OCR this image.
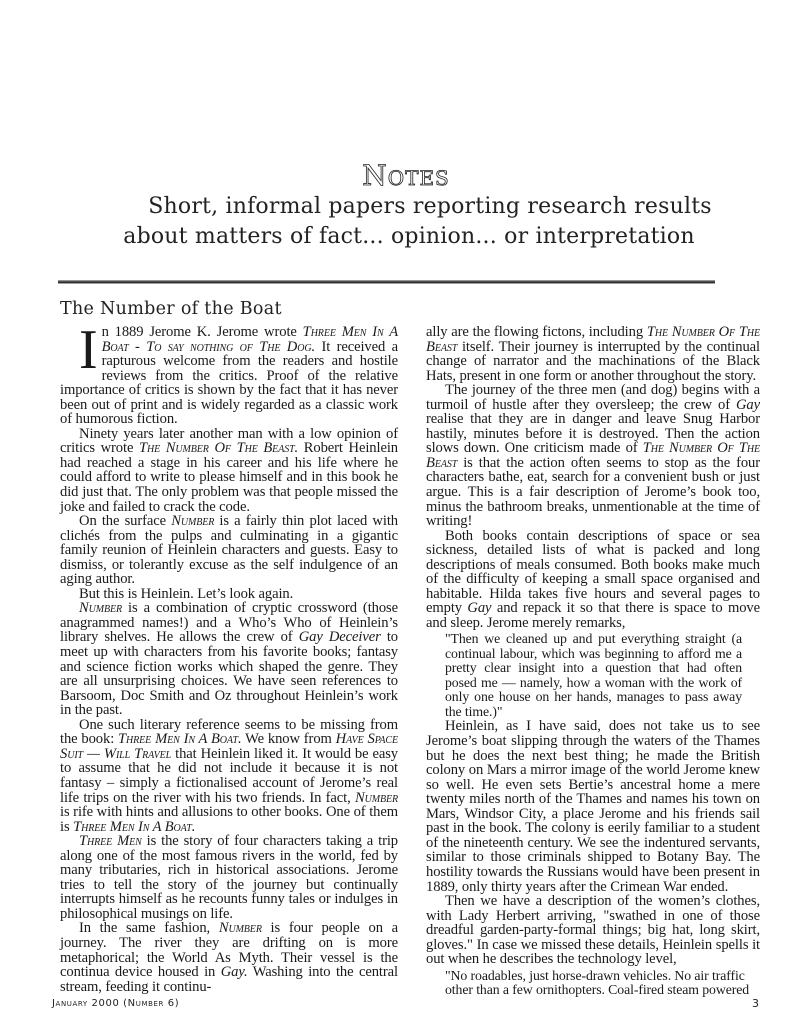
Notes
Short, informal papers reporting research results
about matters of fact... opinion... or interpretation
The Number of the Boat

In 1889 Jerome K. Jerome wrote Three Men In A Boat - To say nothing of The Dog. It received a rapturous welcome from the readers and hostile reviews from the critics. Proof of the relative importance of critics is shown by the fact that it has never been out of print and is widely regarded as a classic work of humorous fiction.

Ninety years later another man with a low opinion of critics wrote The Number Of The Beast. Robert Heinlein had reached a stage in his career and his life where he could afford to write to please himself and in this book he did just that. The only problem was that people missed the joke and failed to crack the code.

On the surface Number is a fairly thin plot laced with clichés from the pulps and culminating in a gigantic family reunion of Heinlein characters and guests. Easy to dismiss, or tolerantly excuse as the self indulgence of an aging author.

But this is Heinlein. Let’s look again.

Number is a combination of cryptic crossword (those anagrammed names!) and a Who’s Who of Heinlein’s library shelves. He allows the crew of Gay Deceiver to meet up with characters from his favorite books; fantasy and science fiction works which shaped the genre. They are all unsurprising choices. We have seen references to Barsoom, Doc Smith and Oz throughout Heinlein’s work in the past.

One such literary reference seems to be missing from the book: Three Men In A Boat. We know from Have Space Suit — Will Travel that Heinlein liked it. It would be easy to assume that he did not include it because it is not fantasy – simply a fictionalised account of Jerome’s real life trips on the river with his two friends. In fact, Number is rife with hints and allusions to other books. One of them is Three Men In A Boat.

Three Men is the story of four characters taking a trip along one of the most famous rivers in the world, fed by many tributaries, rich in historical associations. Jerome tries to tell the story of the journey but continually interrupts himself as he recounts funny tales or indulges in philosophical musings on life.

In the same fashion, Number is four people on a journey. The river they are drifting on is more metaphorical; the World As Myth. Their vessel is the continua device housed in Gay. Washing into the central stream, feeding it continu-

ally are the flowing fictons, including The Number Of The Beast itself. Their journey is interrupted by the continual change of narrator and the machinations of the Black Hats, present in one form or another throughout the story.

The journey of the three men (and dog) begins with a turmoil of hustle after they oversleep; the crew of Gay realise that they are in danger and leave Snug Harbor hastily, minutes before it is destroyed. Then the action slows down. One criticism made of The Number Of The Beast is that the action often seems to stop as the four characters bathe, eat, search for a convenient bush or just argue. This is a fair description of Jerome’s book too, minus the bathroom breaks, unmentionable at the time of writing!

Both books contain descriptions of space or sea sickness, detailed lists of what is packed and long descriptions of meals consumed. Both books make much of the difficulty of keeping a small space organised and habitable. Hilda takes five hours and several pages to empty Gay and repack it so that there is space to move and sleep. Jerome merely remarks,

"Then we cleaned up and put everything straight (a continual labour, which was beginning to afford me a pretty clear insight into a question that had often posed me — namely, how a woman with the work of only one house on her hands, manages to pass away the time.)"

Heinlein, as I have said, does not take us to see Jerome’s boat slipping through the waters of the Thames but he does the next best thing; he made the British colony on Mars a mirror image of the world Jerome knew so well. He even sets Bertie’s ancestral home a mere twenty miles north of the Thames and names his town on Mars, Windsor City, a place Jerome and his friends sail past in the book. The colony is eerily familiar to a student of the nineteenth century. We see the indentured servants, similar to those criminals shipped to Botany Bay. The hostility towards the Russians would have been present in 1889, only thirty years after the Crimean War ended.

Then we have a description of the women’s clothes, with Lady Herbert arriving, "swathed in one of those dreadful garden-party-formal things; big hat, long skirt, gloves." In case we missed these details, Heinlein spells it out when he describes the technology level,

"No roadables, just horse-drawn vehicles. No air traffic other than a few ornithopters. Coal-fired steam powered
January 2000 (Number 6)	3
